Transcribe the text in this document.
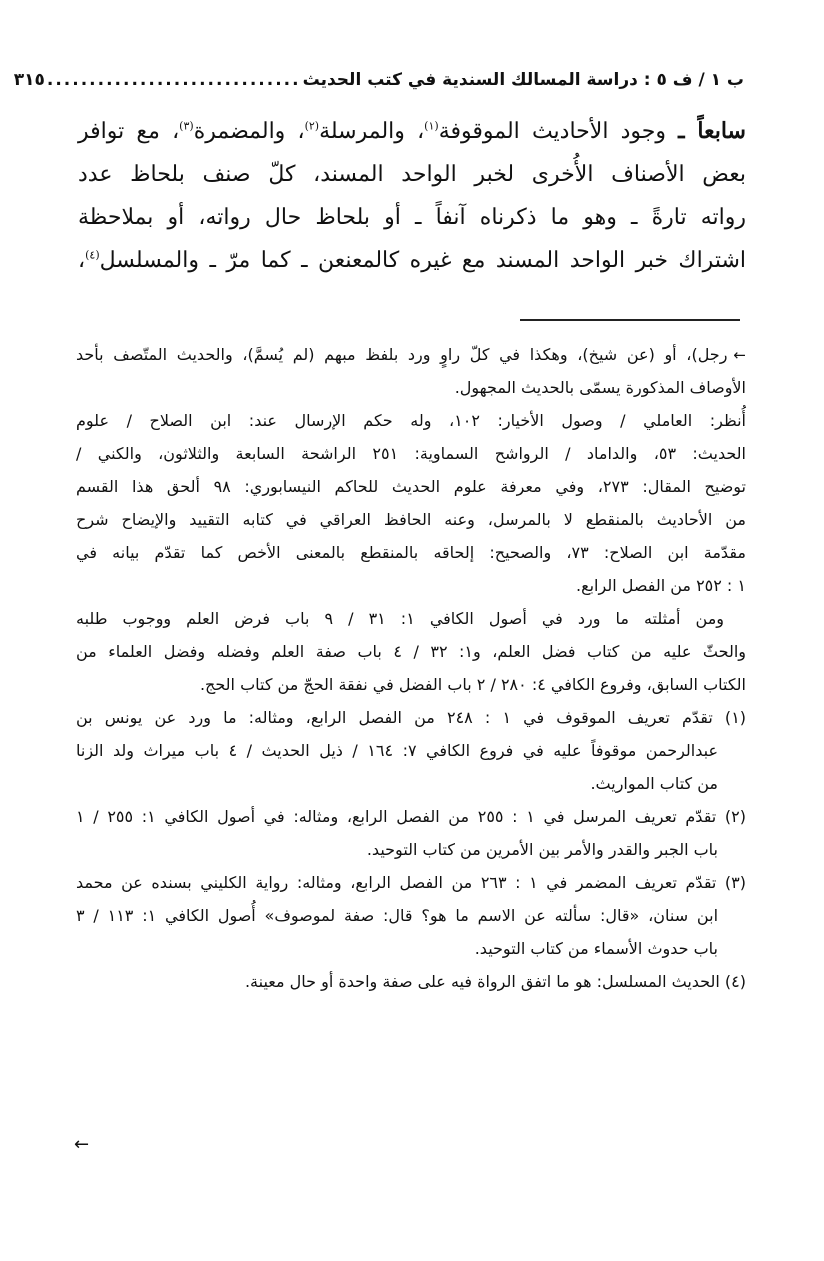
ب ١ / ف ٥ : دراسة المسالك السندية في كتب الحديث
..............................
٣١٥
سابعاً ـ وجود الأحاديث الموقوفة$^{(١)}$، والمرسلة$^{(٢)}$، والمضمرة$^{(٣)}$، مع توافر
بعض الأصناف الأُخرى لخبر الواحد المسند، كلّ صنف بلحاظ عدد
رواته تارةً ـ وهو ما ذكرناه آنفاً ـ أو بلحاظ حال رواته، أو بملاحظة
اشتراك خبر الواحد المسند مع غيره كالمعنعن ـ كما مرّ ـ والمسلسل$^{(٤)}$،
←رجل)، أو (عن شيخ)، وهكذا في كلّ راوٍ ورد بلفظ مبهم (لم يُسمَّ)، والحديث المتّصف بأحد
الأوصاف المذكورة يسمّى بالحديث المجهول.
أُنظر: العاملي / وصول الأخيار: ١٠٢، وله حكم الإرسال عند: ابن الصلاح / علوم
الحديث: ٥٣، والداماد / الرواشح السماوية: ٢٥١ الراشحة السابعة والثلاثون، والكني /
توضيح المقال: ٢٧٣، وفي معرفة علوم الحديث للحاكم النيسابوري: ٩٨ ألحق هذا القسم
من الأحاديث بالمنقطع لا بالمرسل، وعنه الحافظ العراقي في كتابه التقييد والإيضاح شرح
مقدّمة ابن الصلاح: ٧٣، والصحيح: إلحاقه بالمنقطع بالمعنى الأخص كما تقدّم بيانه في
١ : ٢٥٢ من الفصل الرابع.
ومن أمثلته ما ورد في أصول الكافي ١: ٣١ / ٩ باب فرض العلم ووجوب طلبه
والحثّ عليه من كتاب فضل العلم، و١: ٣٢ / ٤ باب صفة العلم وفضله وفضل العلماء من
الكتاب السابق، وفروع الكافي ٤: ٢٨٠ / ٢ باب الفضل في نفقة الحجّ من كتاب الحج.
(١) تقدّم تعريف الموقوف في ١ : ٢٤٨ من الفصل الرابع، ومثاله: ما ورد عن يونس بن
عبدالرحمن موقوفاً عليه في فروع الكافي ٧: ١٦٤ / ذيل الحديث / ٤ باب ميراث ولد الزنا
من كتاب المواريث.
(٢) تقدّم تعريف المرسل في ١ : ٢٥٥ من الفصل الرابع، ومثاله: في أصول الكافي ١: ٢٥٥ / ١
باب الجبر والقدر والأمر بين الأمرين من كتاب التوحيد.
(٣) تقدّم تعريف المضمر في ١ : ٢٦٣ من الفصل الرابع، ومثاله: رواية الكليني بسنده عن محمد
ابن سنان، «قال: سألته عن الاسم ما هو؟ قال: صفة لموصوف» أُصول الكافي ١: ١١٣ / ٣
باب حدوث الأسماء من كتاب التوحيد.
(٤) الحديث المسلسل: هو ما اتفق الرواة فيه على صفة واحدة أو حال معينة.
←
